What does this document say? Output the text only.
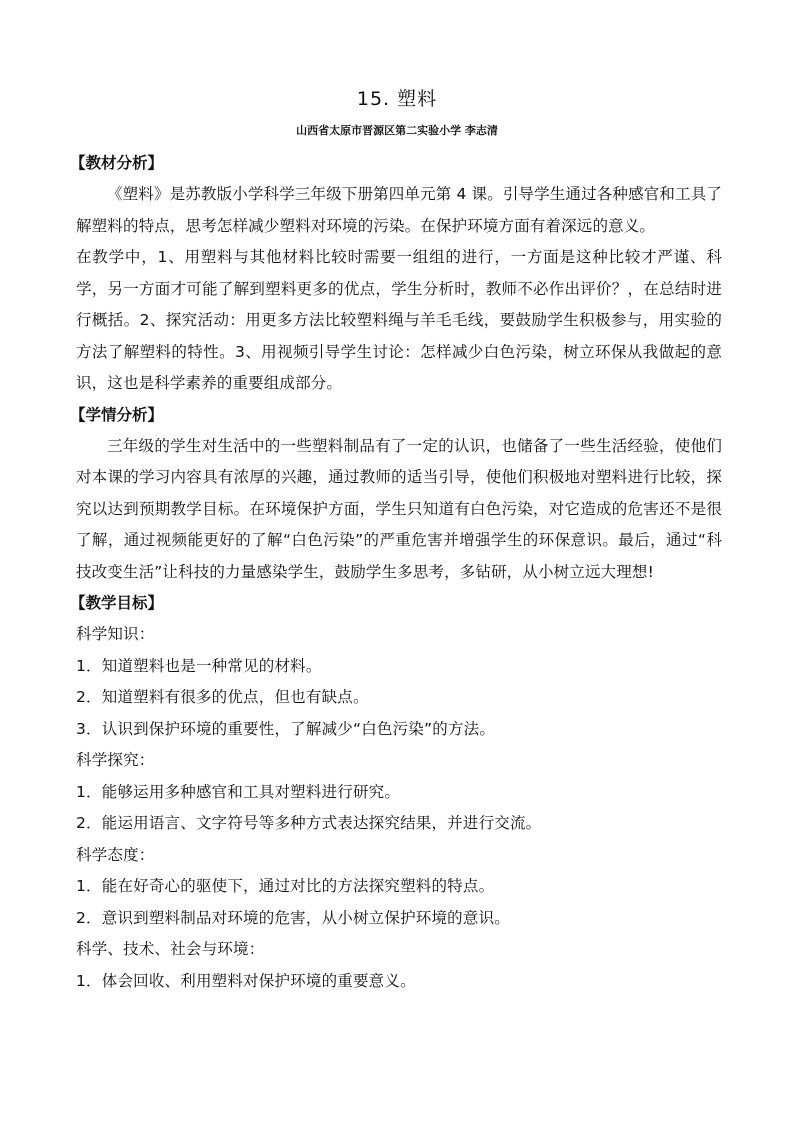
15. 塑料
山西省太原市晋源区第二实验小学 李志清
【教材分析】

《塑料》是苏教版小学科学三年级下册第四单元第 4 课。引导学生通过各种感官和工具了解塑料的特点，思考怎样减少塑料对环境的污染。在保护环境方面有着深远的意义。

在教学中，1、用塑料与其他材料比较时需要一组组的进行，一方面是这种比较才严谨、科学，另一方面才可能了解到塑料更多的优点，学生分析时，教师不必作出评价？，在总结时进行概括。2、探究活动：用更多方法比较塑料绳与羊毛毛线，要鼓励学生积极参与，用实验的方法了解塑料的特性。3、用视频引导学生讨论：怎样减少白色污染，树立环保从我做起的意识，这也是科学素养的重要组成部分。

【学情分析】

三年级的学生对生活中的一些塑料制品有了一定的认识，也储备了一些生活经验，使他们对本课的学习内容具有浓厚的兴趣，通过教师的适当引导，使他们积极地对塑料进行比较，探究以达到预期教学目标。在环境保护方面，学生只知道有白色污染，对它造成的危害还不是很了解，通过视频能更好的了解“白色污染”的严重危害并增强学生的环保意识。最后，通过“科技改变生活”让科技的力量感染学生，鼓励学生多思考，多钻研，从小树立远大理想!

【教学目标】

科学知识：

1．知道塑料也是一种常见的材料。

2．知道塑料有很多的优点，但也有缺点。

3．认识到保护环境的重要性，了解减少“白色污染”的方法。

科学探究：

1．能够运用多种感官和工具对塑料进行研究。

2．能运用语言、文字符号等多种方式表达探究结果，并进行交流。

科学态度：

1．能在好奇心的驱使下，通过对比的方法探究塑料的特点。

2．意识到塑料制品对环境的危害，从小树立保护环境的意识。

科学、技术、社会与环境：

1．体会回收、利用塑料对保护环境的重要意义。
